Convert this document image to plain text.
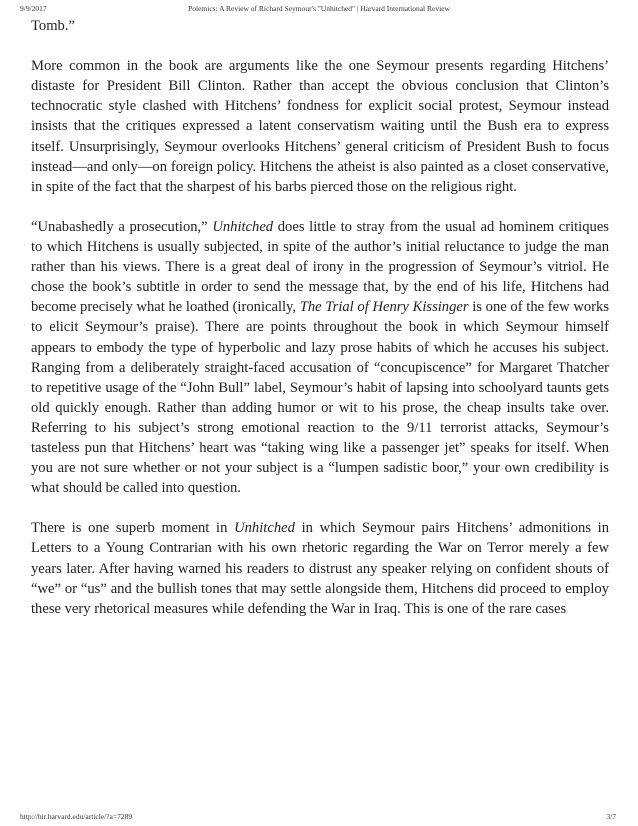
9/9/2017	Polemics: A Review of Richard Seymour's "Unhitched" | Harvard International Review

Tomb.”

More common in the book are arguments like the one Seymour presents regarding Hitchens’ distaste for President Bill Clinton. Rather than accept the obvious conclusion that Clinton’s technocratic style clashed with Hitchens’ fondness for explicit social protest, Seymour instead insists that the critiques expressed a latent conservatism waiting until the Bush era to express itself. Unsurprisingly, Seymour overlooks Hitchens’ general criticism of President Bush to focus instead—and only—on foreign policy. Hitchens the atheist is also painted as a closet conservative, in spite of the fact that the sharpest of his barbs pierced those on the religious right.

“Unabashedly a prosecution,” Unhitched does little to stray from the usual ad hominem critiques to which Hitchens is usually subjected, in spite of the author’s initial reluctance to judge the man rather than his views. There is a great deal of irony in the progression of Seymour’s vitriol. He chose the book’s subtitle in order to send the message that, by the end of his life, Hitchens had become precisely what he loathed (ironically, The Trial of Henry Kissinger is one of the few works to elicit Seymour’s praise). There are points throughout the book in which Seymour himself appears to embody the type of hyperbolic and lazy prose habits of which he accuses his subject. Ranging from a deliberately straight-faced accusation of “concupiscence” for Margaret Thatcher to repetitive usage of the “John Bull” label, Seymour’s habit of lapsing into schoolyard taunts gets old quickly enough. Rather than adding humor or wit to his prose, the cheap insults take over. Referring to his subject’s strong emotional reaction to the 9/11 terrorist attacks, Seymour’s tasteless pun that Hitchens’ heart was “taking wing like a passenger jet” speaks for itself. When you are not sure whether or not your subject is a “lumpen sadistic boor,” your own credibility is what should be called into question.

There is one superb moment in Unhitched in which Seymour pairs Hitchens’ admonitions in Letters to a Young Contrarian with his own rhetoric regarding the War on Terror merely a few years later. After having warned his readers to distrust any speaker relying on confident shouts of “we” or “us” and the bullish tones that may settle alongside them, Hitchens did proceed to employ these very rhetorical measures while defending the War in Iraq. This is one of the rare cases

http://hir.harvard.edu/article/?a=7289	3/7
